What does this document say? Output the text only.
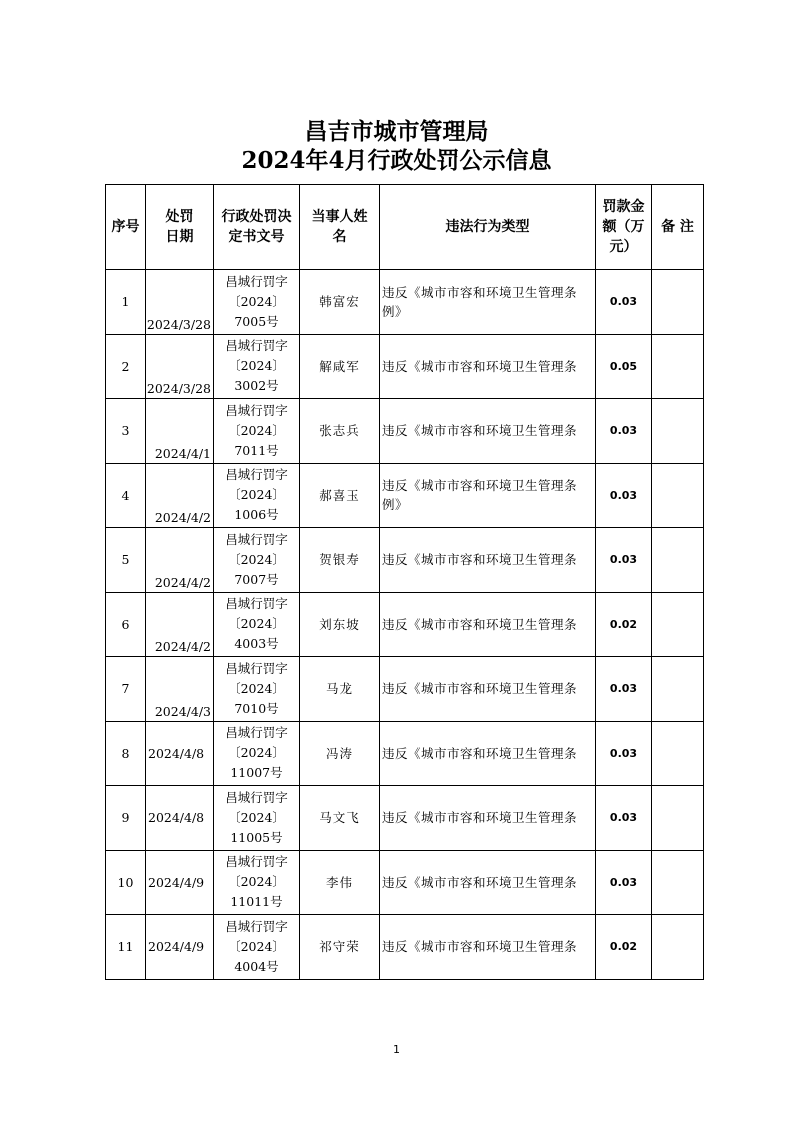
昌吉市城市管理局
2024年4月行政处罚公示信息
序号	处罚日期	行政处罚决定书文号	当事人姓名	违法行为类型	罚款金额（万元）	备 注
1	2024/3/28	昌城行罚字〔2024〕7005号	韩富宏	违反《城市市容和环境卫生管理条例》	0.03	
2	2024/3/28	昌城行罚字〔2024〕3002号	解咸军	违反《城市市容和环境卫生管理条	0.05	
3	2024/4/1	昌城行罚字〔2024〕7011号	张志兵	违反《城市市容和环境卫生管理条	0.03	
4	2024/4/2	昌城行罚字〔2024〕1006号	郝喜玉	违反《城市市容和环境卫生管理条例》	0.03	
5	2024/4/2	昌城行罚字〔2024〕7007号	贺银寿	违反《城市市容和环境卫生管理条	0.03	
6	2024/4/2	昌城行罚字〔2024〕4003号	刘东坡	违反《城市市容和环境卫生管理条	0.02	
7	2024/4/3	昌城行罚字〔2024〕7010号	马龙	违反《城市市容和环境卫生管理条	0.03	
8	2024/4/8	昌城行罚字〔2024〕11007号	冯涛	违反《城市市容和环境卫生管理条	0.03	
9	2024/4/8	昌城行罚字〔2024〕11005号	马文飞	违反《城市市容和环境卫生管理条	0.03	
10	2024/4/9	昌城行罚字〔2024〕11011号	李伟	违反《城市市容和环境卫生管理条	0.03	
11	2024/4/9	昌城行罚字〔2024〕4004号	祁守荣	违反《城市市容和环境卫生管理条	0.02	
1
